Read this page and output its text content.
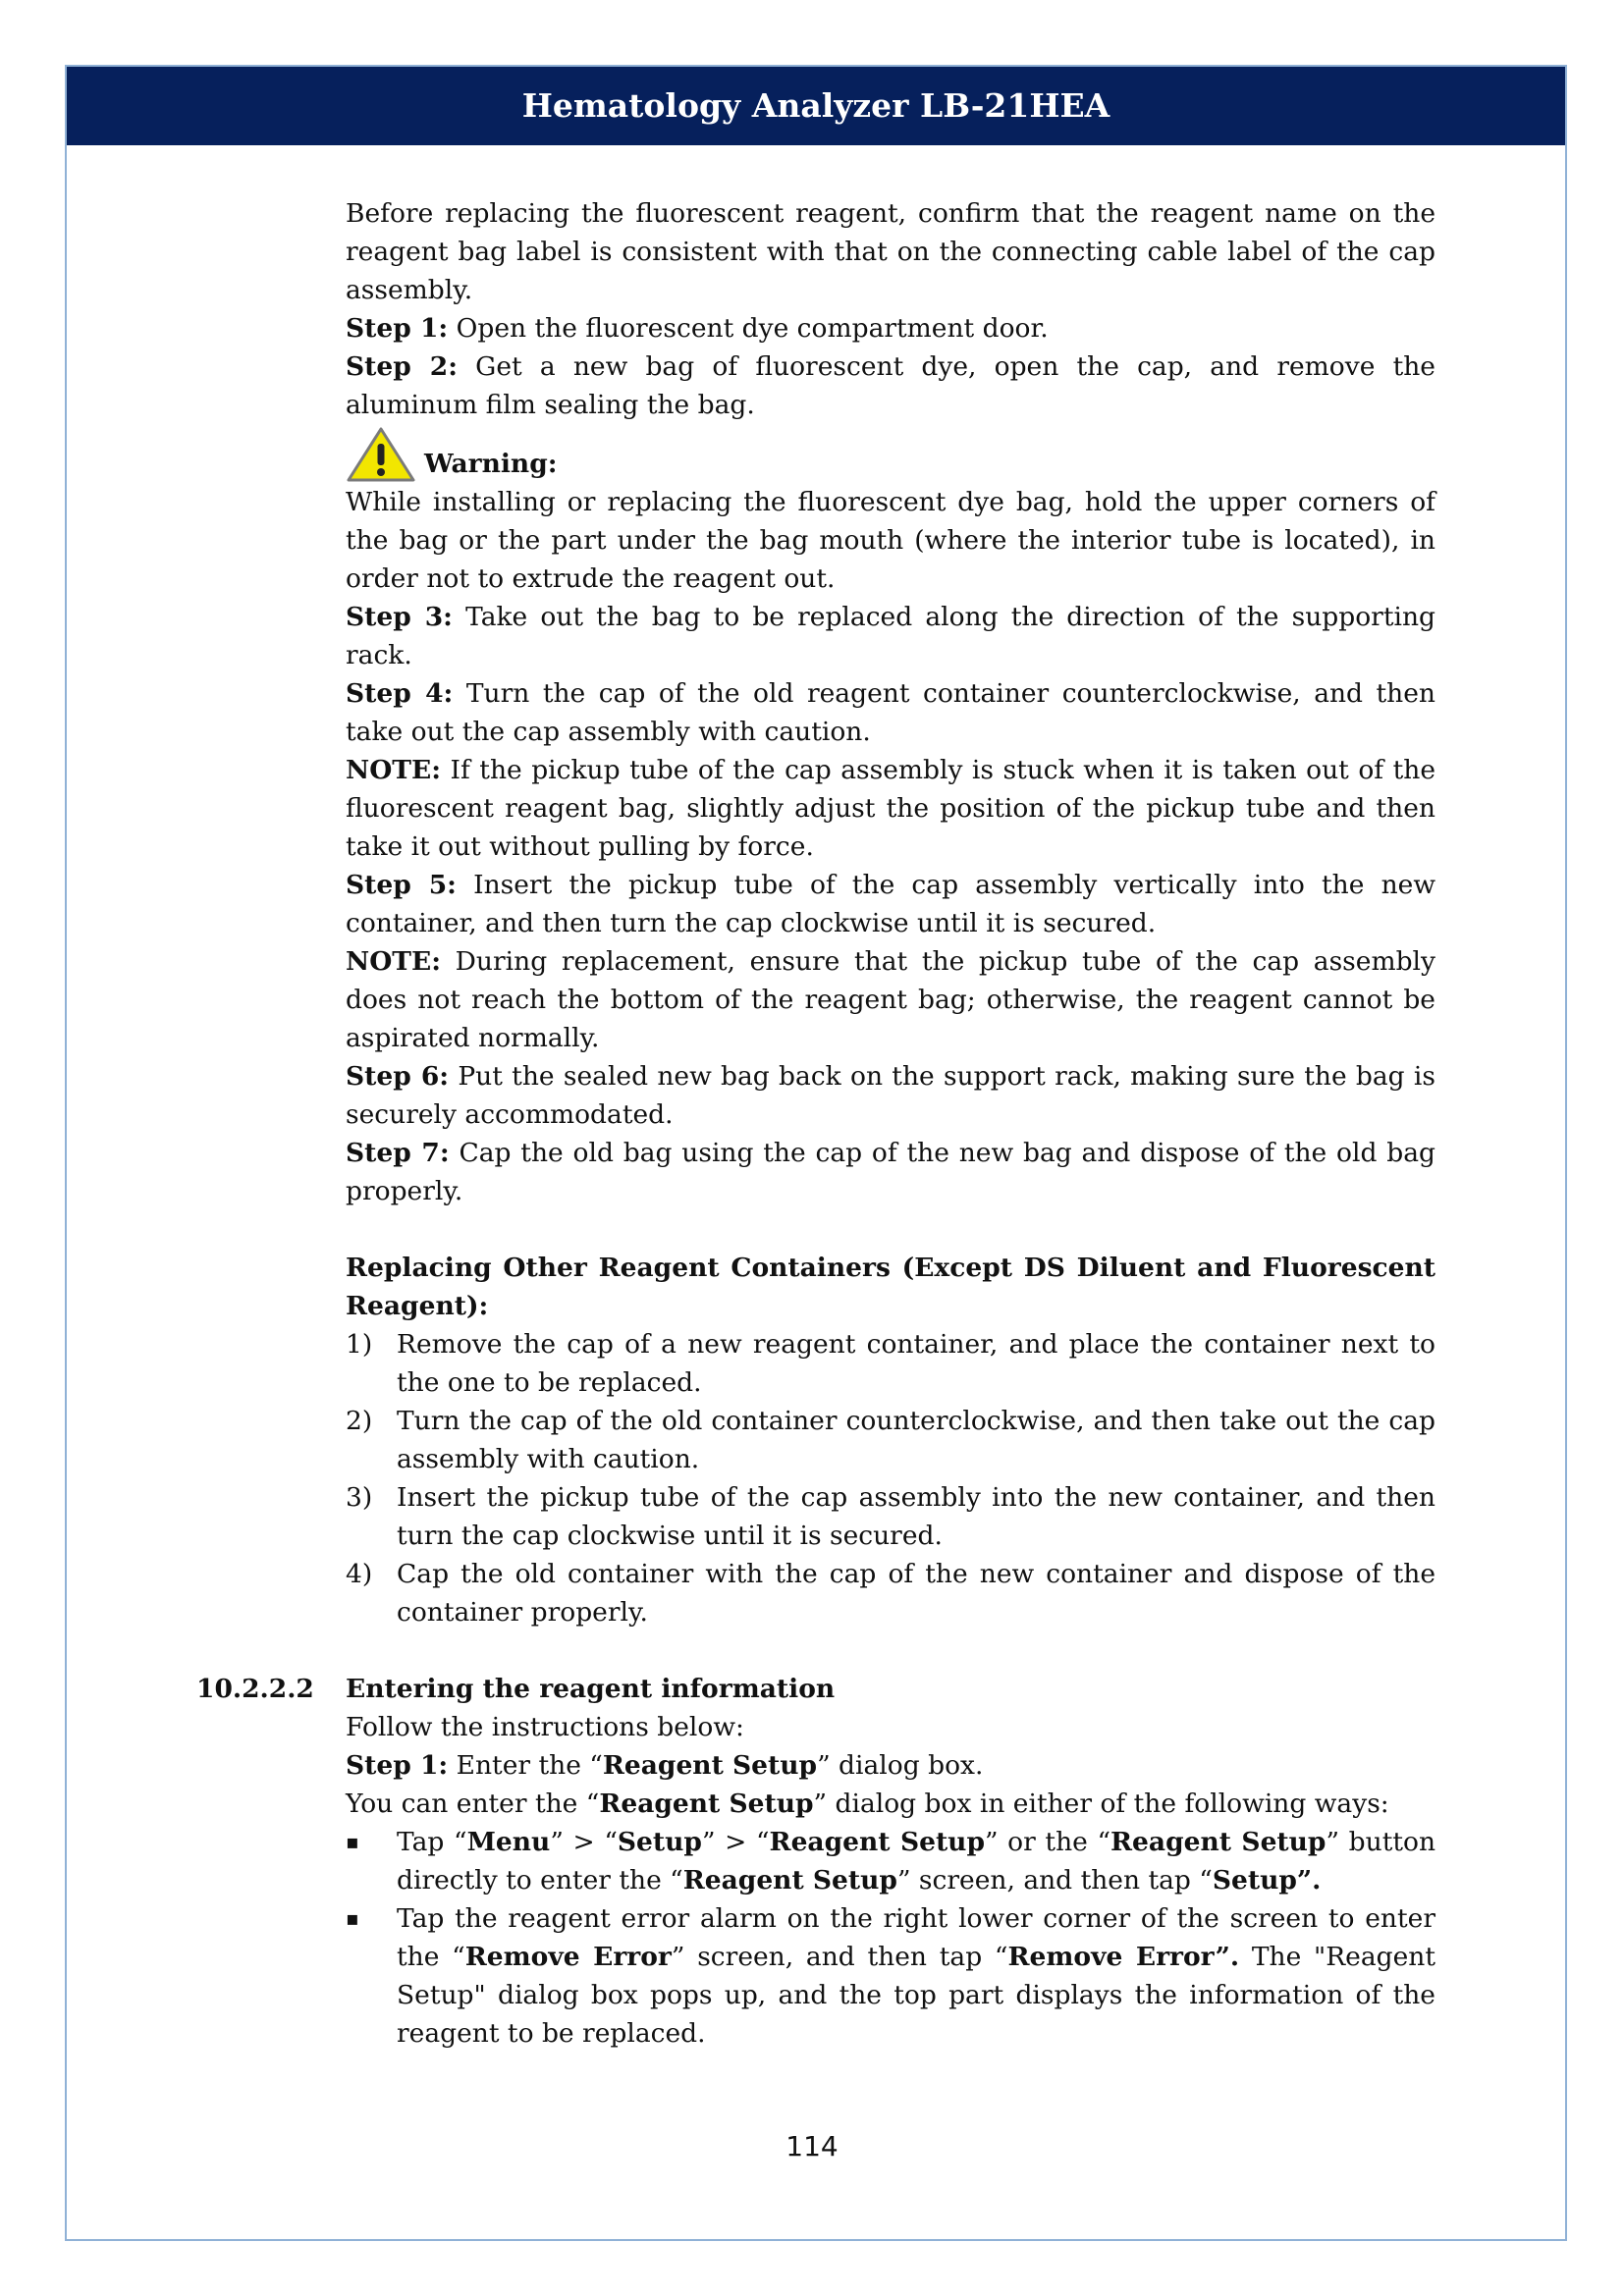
Hematology Analyzer LB-21HEA

Before replacing the fluorescent reagent, confirm that the reagent name on the reagent bag label is consistent with that on the connecting cable label of the cap assembly.

Step 1: Open the fluorescent dye compartment door.

Step 2: Get a new bag of fluorescent dye, open the cap, and remove the aluminum film sealing the bag.

Warning:

While installing or replacing the fluorescent dye bag, hold the upper corners of the bag or the part under the bag mouth (where the interior tube is located), in order not to extrude the reagent out.

Step 3: Take out the bag to be replaced along the direction of the supporting rack.

Step 4: Turn the cap of the old reagent container counterclockwise, and then take out the cap assembly with caution.

NOTE: If the pickup tube of the cap assembly is stuck when it is taken out of the fluorescent reagent bag, slightly adjust the position of the pickup tube and then take it out without pulling by force.

Step 5: Insert the pickup tube of the cap assembly vertically into the new container, and then turn the cap clockwise until it is secured.

NOTE: During replacement, ensure that the pickup tube of the cap assembly does not reach the bottom of the reagent bag; otherwise, the reagent cannot be aspirated normally.

Step 6: Put the sealed new bag back on the support rack, making sure the bag is securely accommodated.

Step 7: Cap the old bag using the cap of the new bag and dispose of the old bag properly.

Replacing Other Reagent Containers (Except DS Diluent and Fluorescent Reagent):

1) Remove the cap of a new reagent container, and place the container next to the one to be replaced.
2) Turn the cap of the old container counterclockwise, and then take out the cap assembly with caution.
3) Insert the pickup tube of the cap assembly into the new container, and then turn the cap clockwise until it is secured.
4) Cap the old container with the cap of the new container and dispose of the container properly.
10.2.2.2 Entering the reagent information

Follow the instructions below:

Step 1: Enter the “Reagent Setup” dialog box.

You can enter the “Reagent Setup” dialog box in either of the following ways:

▪	Tap “Menu” > “Setup” > “Reagent Setup” or the “Reagent Setup” button directly to enter the “Reagent Setup” screen, and then tap “Setup”.
▪	Tap the reagent error alarm on the right lower corner of the screen to enter the “Remove Error” screen, and then tap “Remove Error”. The "Reagent Setup" dialog box pops up, and the top part displays the information of the reagent to be replaced.
114
